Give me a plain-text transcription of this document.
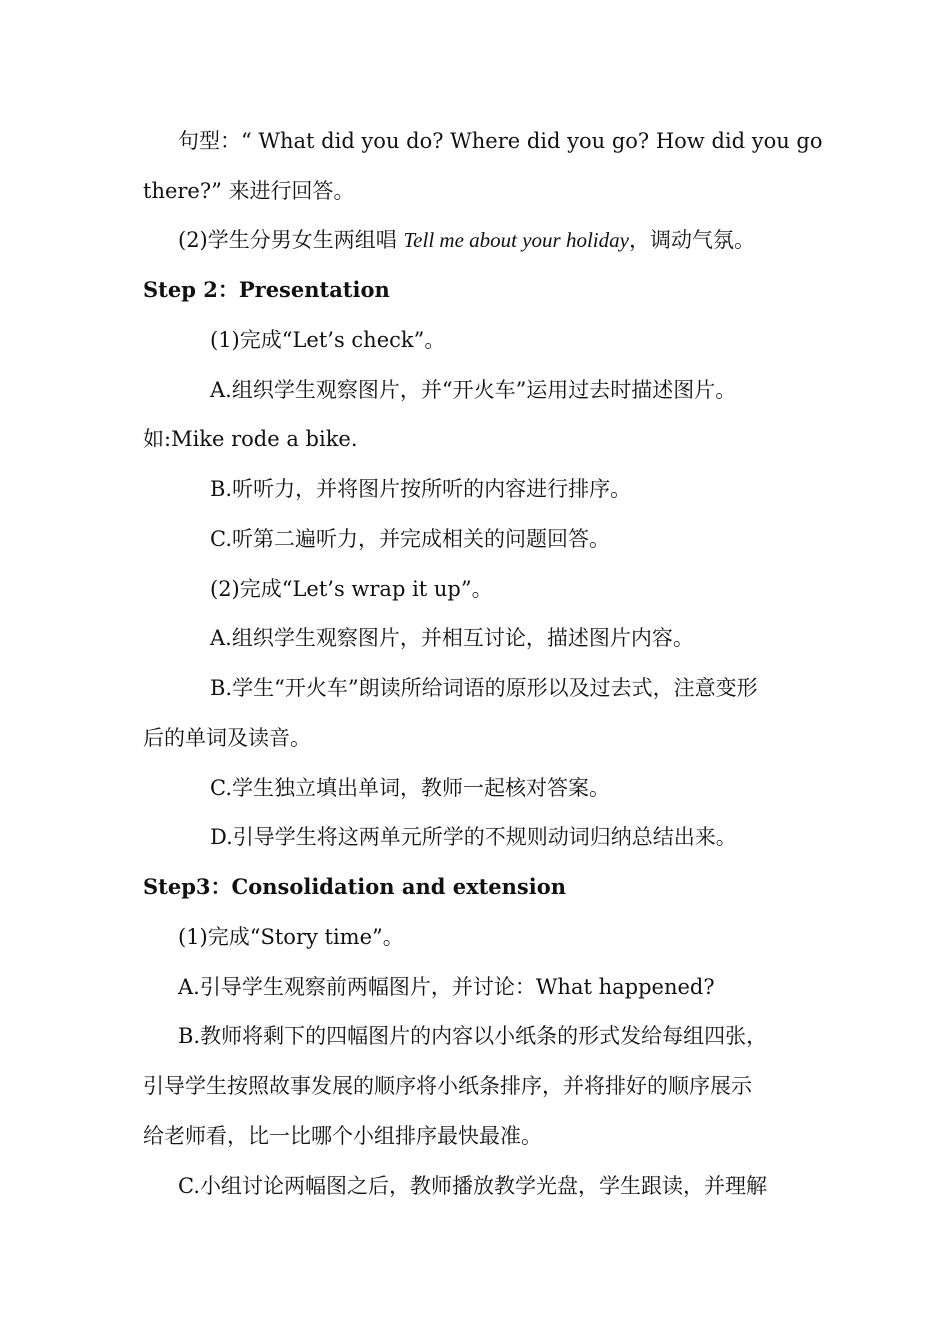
句型：“ What did you do? Where did you go? How did you go
there?” 来进行回答。
(2)学生分男女生两组唱 Tell me about your holiday，调动气氛。
Step 2：Presentation
(1)完成“Let’s check”。
A.组织学生观察图片，并“开火车”运用过去时描述图片。
如:Mike rode a bike.
B.听听力，并将图片按所听的内容进行排序。
C.听第二遍听力，并完成相关的问题回答。
(2)完成“Let’s wrap it up”。
A.组织学生观察图片，并相互讨论，描述图片内容。
B.学生“开火车”朗读所给词语的原形以及过去式，注意变形
后的单词及读音。
C.学生独立填出单词，教师一起核对答案。
D.引导学生将这两单元所学的不规则动词归纳总结出来。
Step3：Consolidation and extension
(1)完成“Story time”。
A.引导学生观察前两幅图片，并讨论：What happened?
B.教师将剩下的四幅图片的内容以小纸条的形式发给每组四张，
引导学生按照故事发展的顺序将小纸条排序，并将排好的顺序展示
给老师看，比一比哪个小组排序最快最准。
C.小组讨论两幅图之后，教师播放教学光盘，学生跟读，并理解
